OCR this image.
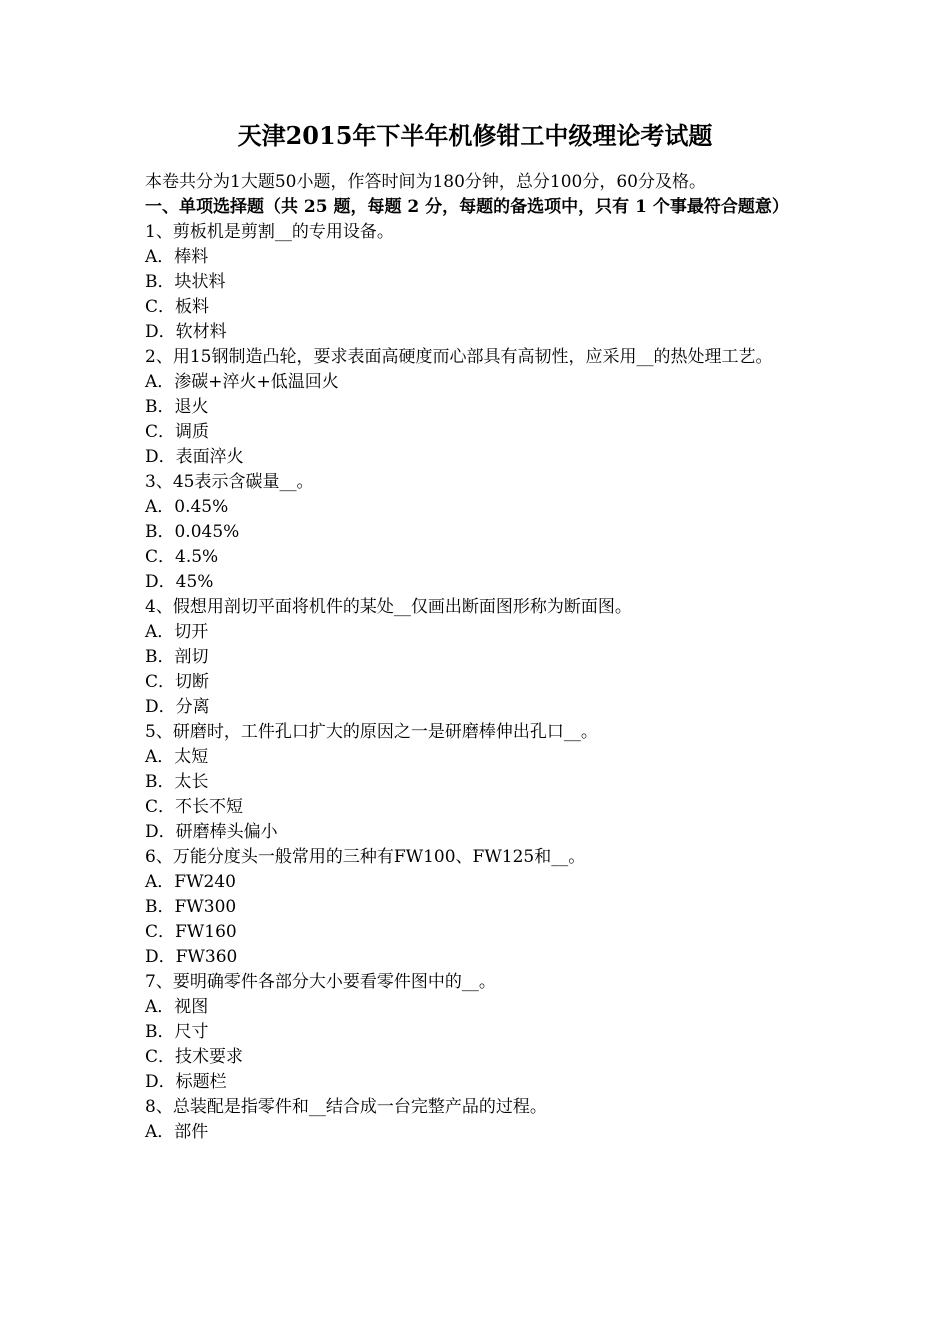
天津2015年下半年机修钳工中级理论考试题

本卷共分为1大题50小题，作答时间为180分钟，总分100分，60分及格。

一、单项选择题（共 25 题，每题 2 分，每题的备选项中，只有 1 个事最符合题意）

1、剪板机是剪割__的专用设备。

A．棒料

B．块状料

C．板料

D．软材料

2、用15钢制造凸轮，要求表面高硬度而心部具有高韧性，应采用__的热处理工艺。

A．渗碳+淬火+低温回火

B．退火

C．调质

D．表面淬火

3、45表示含碳量__。

A．0.45%

B．0.045%

C．4.5%

D．45%

4、假想用剖切平面将机件的某处__仅画出断面图形称为断面图。

A．切开

B．剖切

C．切断

D．分离

5、研磨时，工件孔口扩大的原因之一是研磨棒伸出孔口__。

A．太短

B．太长

C．不长不短

D．研磨棒头偏小

6、万能分度头一般常用的三种有FW100、FW125和__。

A．FW240

B．FW300

C．FW160

D．FW360

7、要明确零件各部分大小要看零件图中的__。

A．视图

B．尺寸

C．技术要求

D．标题栏

8、总装配是指零件和__结合成一台完整产品的过程。

A．部件
